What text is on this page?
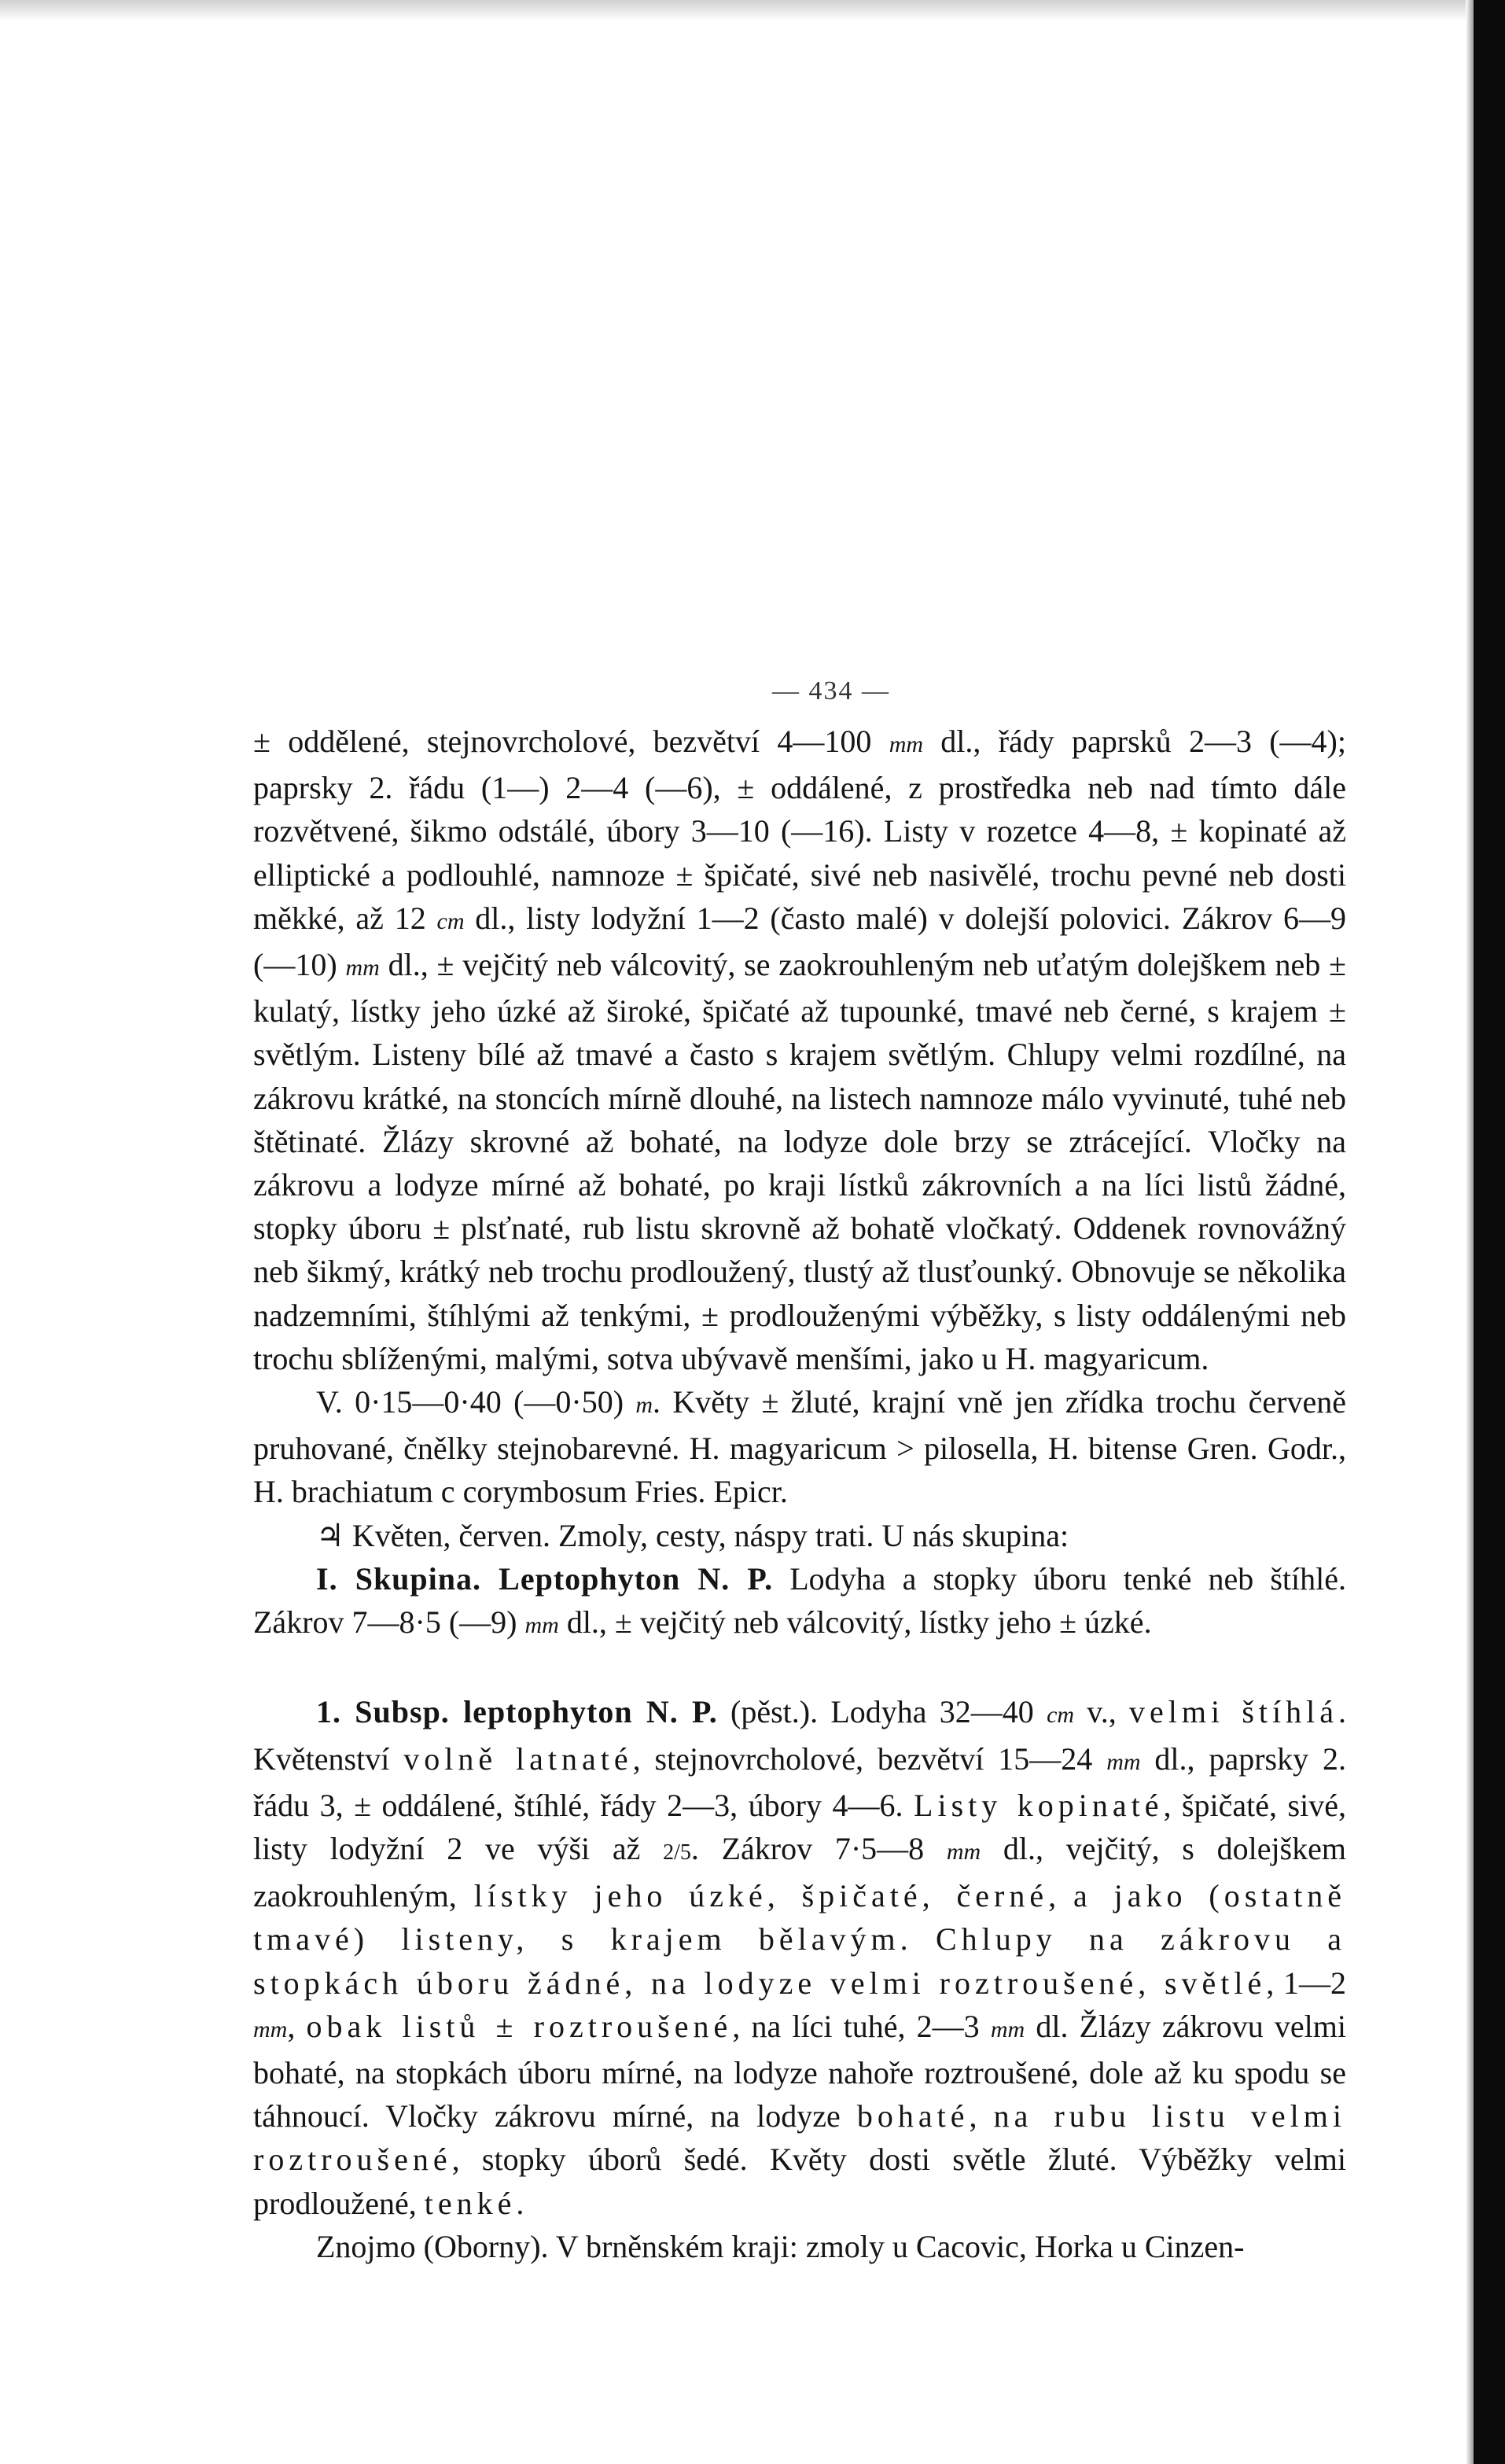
— 434 —

± oddělené, stejnovrcholové, bezvětví 4—100 mm dl., řády paprsků 2—3 (—4); paprsky 2. řádu (1—) 2—4 (—6), ± oddálené, z prostředka neb nad tímto dále rozvětvené, šikmo odstálé, úbory 3—10 (—16). Listy v rozetce 4—8, ± kopinaté až elliptické a podlouhlé, namnoze ± špičaté, sivé neb nasivělé, trochu pevné neb dosti měkké, až 12 cm dl., listy lodyžní 1—2 (často malé) v dolejší polovici. Zákrov 6—9 (—10) mm dl., ± vejčitý neb válcovitý, se zaokrouhleným neb uťatým dolejškem neb ± kulatý, lístky jeho úzké až široké, špičaté až tupounké, tmavé neb černé, s krajem ± světlým. Listeny bílé až tmavé a často s krajem světlým. Chlupy velmi rozdílné, na zákrovu krátké, na stoncích mírně dlouhé, na listech namnoze málo vyvinuté, tuhé neb štětinaté. Žlázy skrovné až bohaté, na lodyze dole brzy se ztrácející. Vločky na zákrovu a lodyze mírné až bohaté, po kraji lístků zákrovních a na líci listů žádné, stopky úboru ± plsťnaté, rub listu skrovně až bohatě vločkatý. Oddenek rovnovážný neb šikmý, krátký neb trochu prodloužený, tlustý až tlusťounký. Obnovuje se několika nadzemními, štíhlými až tenkými, ± prodlouženými výběžky, s listy oddálenými neb trochu sblíženými, malými, sotva ubývavě menšími, jako u H. magyaricum.

V. 0·15—0·40 (—0·50) m. Květy ± žluté, krajní vně jen zřídka trochu červeně pruhované, čnělky stejnobarevné. H. magyaricum > pilosella, H. bitense Gren. Godr., H. brachiatum c corymbosum Fries. Epicr.

♃ Květen, červen. Zmoly, cesty, náspy trati. U nás skupina:

I. Skupina. Leptophyton N. P. Lodyha a stopky úboru tenké neb štíhlé. Zákrov 7—8·5 (—9) mm dl., ± vejčitý neb válcovitý, lístky jeho ± úzké.

1. Subsp. leptophyton N. P. (pěst.). Lodyha 32—40 cm v., velmi štíhlá. Květenství volně latnaté, stejnovrcholové, bezvětví 15—24 mm dl., paprsky 2. řádu 3, ± oddálené, štíhlé, řády 2—3, úbory 4—6. Listy kopinaté, špičaté, sivé, listy lodyžní 2 ve výši až 2/5. Zákrov 7·5—8 mm dl., vejčitý, s dolejškem zaokrouhleným, lístky jeho úzké, špičaté, černé, a jako (ostatně tmavé) listeny, s krajem bělavým. Chlupy na zákrovu a stopkách úboru žádné, na lodyze velmi roztroušené, světlé, 1—2 mm, obak listů ± roztroušené, na líci tuhé, 2—3 mm dl. Žlázy zákrovu velmi bohaté, na stopkách úboru mírné, na lodyze nahoře roztroušené, dole až ku spodu se táhnoucí. Vločky zákrovu mírné, na lodyze bohaté, na rubu listu velmi roztroušené, stopky úborů šedé. Květy dosti světle žluté. Výběžky velmi prodloužené, tenké.

Znojmo (Oborny). V brněnském kraji: zmoly u Cacovic, Horka u Cinzen-
